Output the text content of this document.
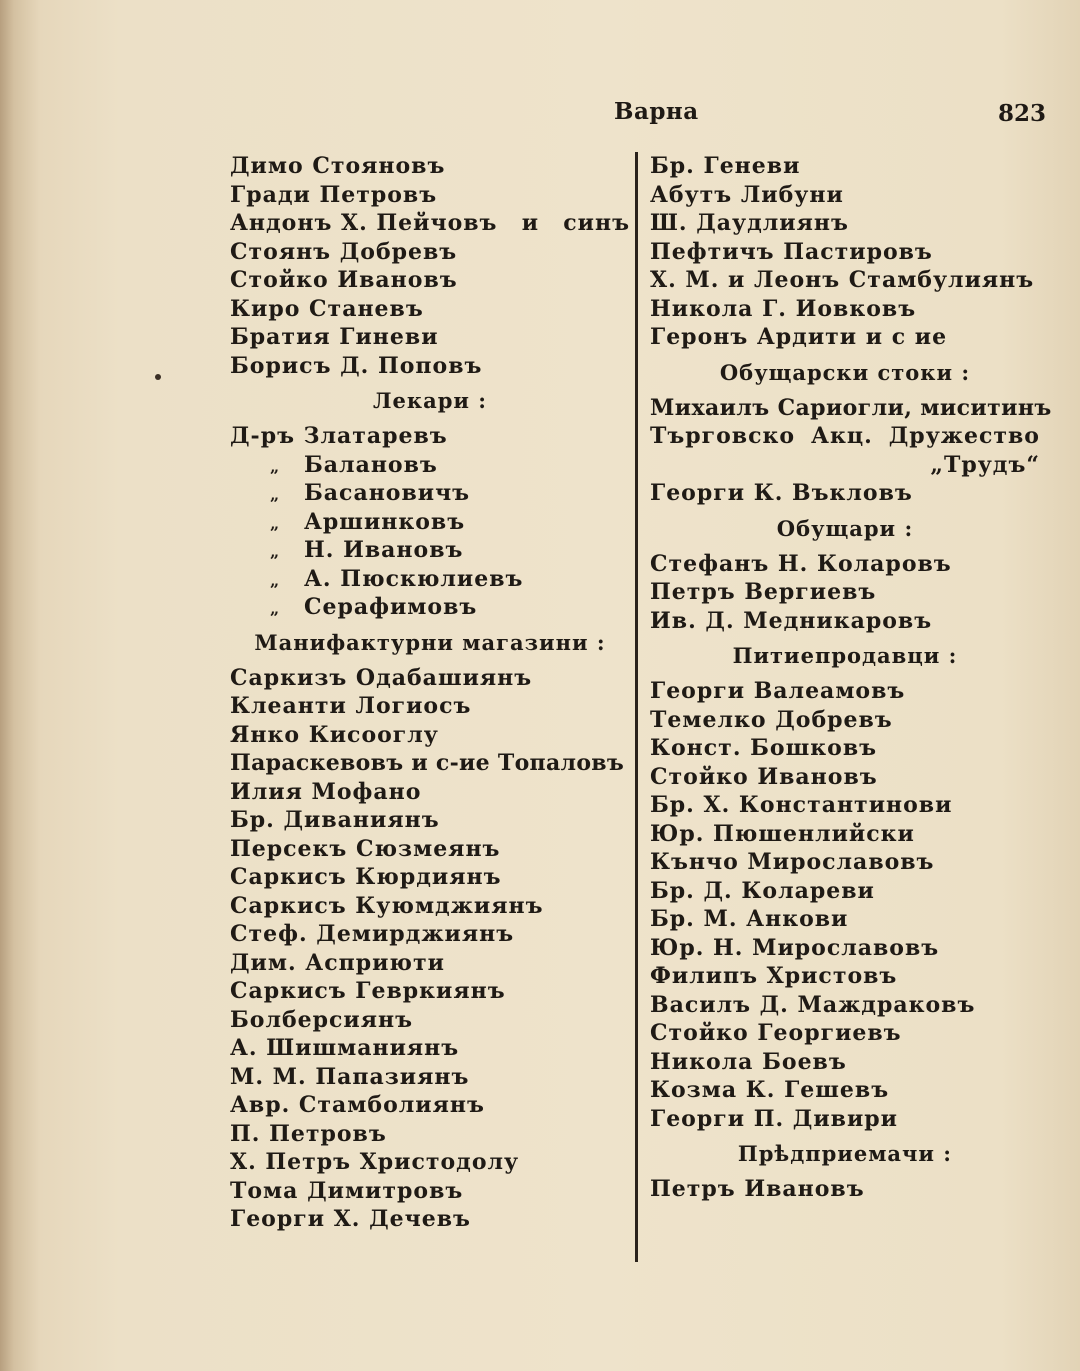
Варна	823
Димо Стояновъ
Гради Петровъ
Андонъ Х. Пейчовъ и синъ
Стоянъ Добревъ
Стойко Ивановъ
Киро Станевъ
Братия Гиневи
Борисъ Д. Поповъ
Лекари :
Д-ръ Златаревъ
„ Балановъ
„ Басановичъ
„ Аршинковъ
„ Н. Ивановъ
„ А. Пюскюлиевъ
„ Серафимовъ
Манифактурни магазини :
Саркизъ Одабашиянъ
Клеанти Логиосъ
Янко Кисооглу
Параскевовъ и с-ие Топаловъ
Илия Мофано
Бр. Диваниянъ
Персекъ Сюзмеянъ
Саркисъ Кюрдиянъ
Саркисъ Куюмджиянъ
Стеф. Демирджиянъ
Дим. Асприюти
Саркисъ Гевркиянъ
Болберсиянъ
А. Шишманиянъ
М. М. Папазиянъ
Авр. Стамболиянъ
П. Петровъ
Х. Петръ Христодолу
Тома Димитровъ
Георги Х. Дечевъ
Бр. Геневи
Абутъ Либуни
Ш. Даудлиянъ
Пефтичъ Пастировъ
Х. М. и Леонъ Стамбулиянъ
Никола Г. Иовковъ
Геронъ Ардити и с ие
Обущарски стоки :
Михаилъ Сариогли, миситинъ
Търговско Акц. Дружество
„Трудъ“
Георги К. Въкловъ
Обущари :
Стефанъ Н. Коларовъ
Петръ Вергиевъ
Ив. Д. Медникаровъ
Питиепродавци :
Георги Валеамовъ
Темелко Добревъ
Конст. Бошковъ
Стойко Ивановъ
Бр. Х. Константинови
Юр. Пюшенлийски
Кънчо Мирославовъ
Бр. Д. Колареви
Бр. М. Анкови
Юр. Н. Мирославовъ
Филипъ Христовъ
Василъ Д. Маждраковъ
Стойко Георгиевъ
Никола Боевъ
Козма К. Гешевъ
Георги П. Дивири
Прѣдприемачи :
Петръ Ивановъ
